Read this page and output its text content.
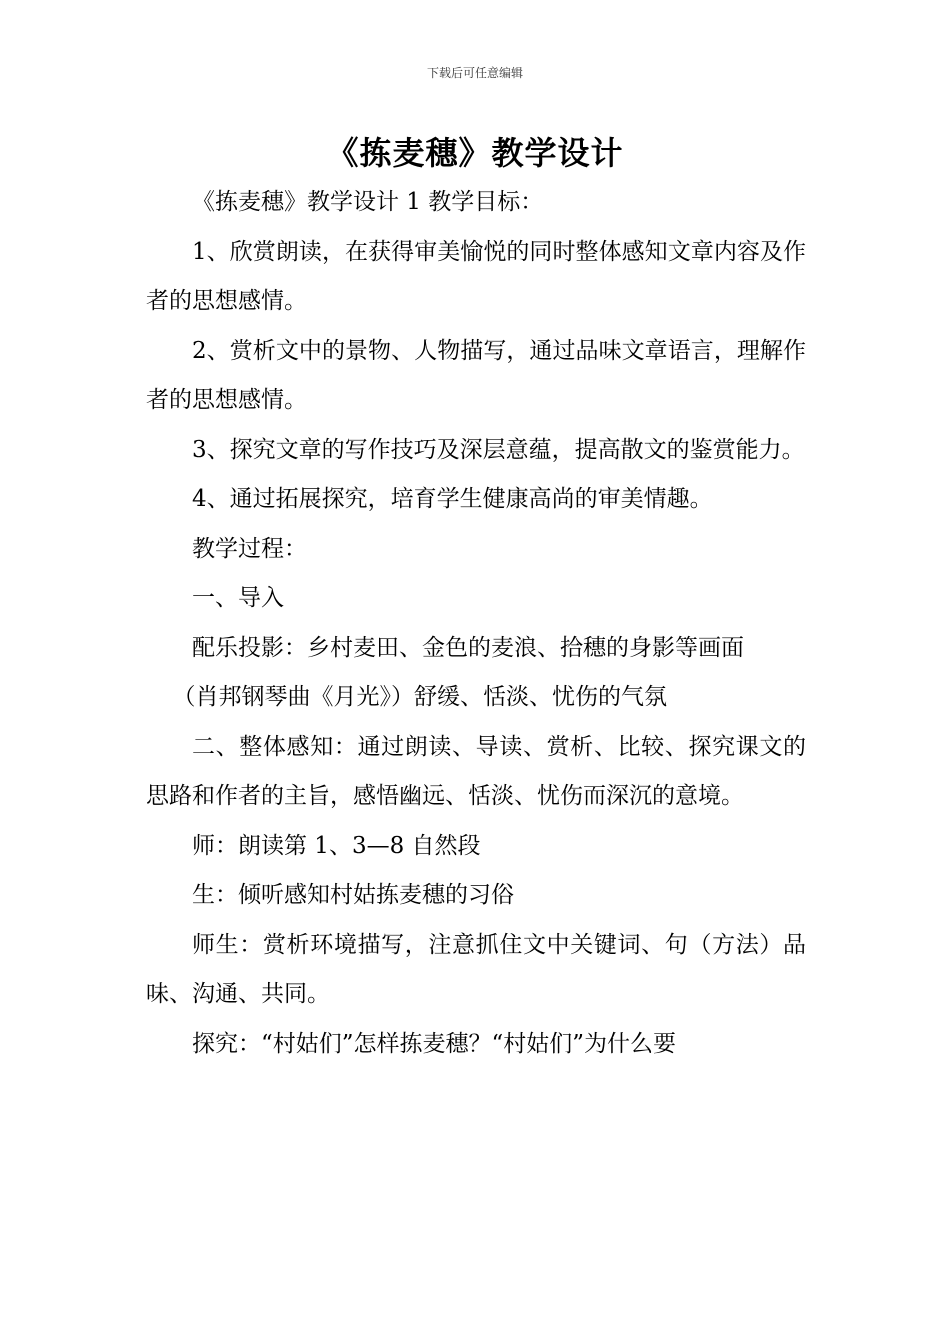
下载后可任意编辑
《拣麦穗》教学设计

《拣麦穗》教学设计 1 教学目标：

1、欣赏朗读，在获得审美愉悦的同时整体感知文章内容及作者的思想感情。

2、赏析文中的景物、人物描写，通过品味文章语言，理解作者的思想感情。

3、探究文章的写作技巧及深层意蕴，提高散文的鉴赏能力。

4、通过拓展探究，培育学生健康高尚的审美情趣。

教学过程：

一、导入

配乐投影：乡村麦田、金色的麦浪、拾穗的身影等画面

（肖邦钢琴曲《月光》）舒缓、恬淡、忧伤的气氛

二、整体感知：通过朗读、导读、赏析、比较、探究课文的思路和作者的主旨，感悟幽远、恬淡、忧伤而深沉的意境。

师：朗读第 1、3—8 自然段

生：倾听感知村姑拣麦穗的习俗

师生：赏析环境描写，注意抓住文中关键词、句（方法）品味、沟通、共同。

探究：“村姑们”怎样拣麦穗？“村姑们”为什么要
